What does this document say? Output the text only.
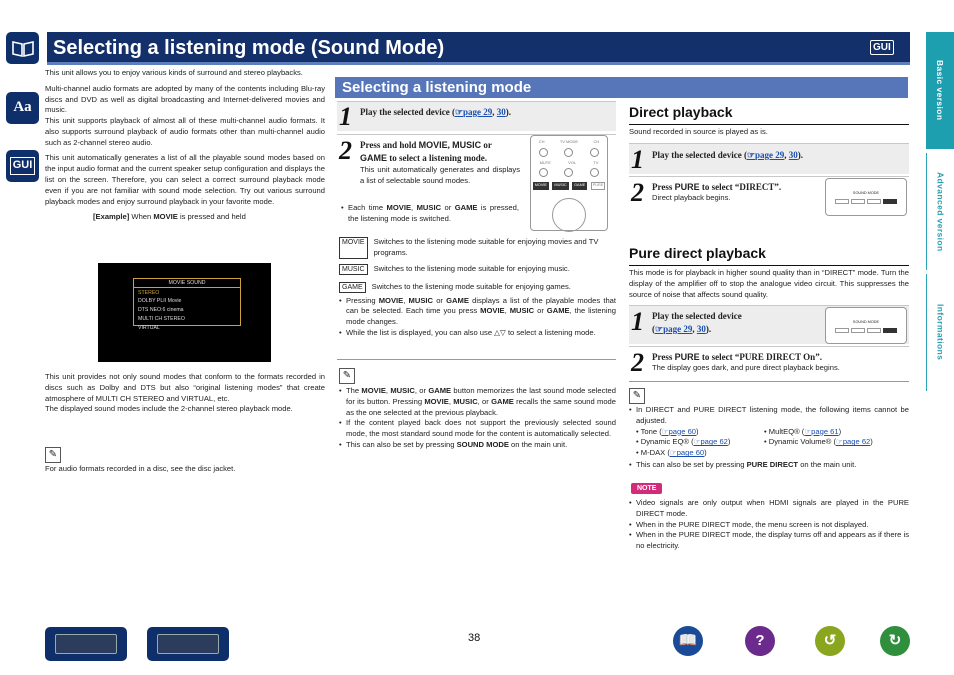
Aa
GUI
Basic version
Advanced version
Informations
Selecting a listening mode (Sound Mode)	GUI

This unit allows you to enjoy various kinds of surround and stereo playbacks.

Multi-channel audio formats are adopted by many of the contents including Blu-ray discs and DVD as well as digital broadcasting and Internet-delivered movies and music.

This unit supports playback of almost all of these multi-channel audio formats. It also supports surround playback of audio formats other than multi-channel audio such as 2-channel stereo audio.

This unit automatically generates a list of all the playable sound modes based on the input audio format and the current speaker setup configuration and displays the list on the screen. Therefore, you can select a correct surround playback mode even if you are not familiar with sound mode selection. Try out various surround playback modes and enjoy surround playback in your favorite mode.

[Example] When MOVIE is pressed and held
MOVIE SOUND
STEREO
DOLBY PLII Movie
DTS NEO:6 cinema
MULTI CH STEREO
VIRTUAL

This unit provides not only sound modes that conform to the formats recorded in discs such as Dolby and DTS but also “original listening modes” that create atmosphere of MULTI CH STEREO and VIRTUAL, etc.

The displayed sound modes include the 2-channel stereo playback mode.

✎
For audio formats recorded in a disc, see the disc jacket.
Selecting a listening mode
1 Play the selected device (☞page 29, 30).
2 Press and hold MOVIE, MUSIC or GAME to select a listening mode.

This unit automatically generates and displays a list of selectable sound modes.

CH	TV MODE	CH
MUTE	VOL	TV
MOVIE	MUSIC	GAME	PURE
• Each time MOVIE, MUSIC or GAME is pressed, the listening mode is switched.
MOVIE	Switches to the listening mode suitable for enjoying movies and TV programs.
MUSIC	Switches to the listening mode suitable for enjoying music.
GAME	Switches to the listening mode suitable for enjoying games.
• Pressing MOVIE, MUSIC or GAME displays a list of the playable modes that can be selected. Each time you press MOVIE, MUSIC or GAME, the listening mode changes.
• While the list is displayed, you can also use △▽ to select a listening mode.
✎
• The MOVIE, MUSIC, or GAME button memorizes the last sound mode selected for its button. Pressing MOVIE, MUSIC, or GAME recalls the same sound mode as the one selected at the previous playback.
• If the content played back does not support the previously selected sound mode, the most standard sound mode for the content is automatically selected.
• This can also be set by pressing SOUND MODE on the main unit.
Direct playback
Sound recorded in source is played as is.
1 Play the selected device (☞page 29, 30).
2 Press PURE to select “DIRECT”.
Direct playback begins.	SOUND MODE
Pure direct playback

This mode is for playback in higher sound quality than in “DIRECT” mode. Turn the display of the amplifier off to stop the analogue video circuit. This suppresses the source of noise that affects sound quality.

1 Play the selected device
(☞page 29, 30).
SOUND MODE
2 Press PURE to select “PURE DIRECT On”.
The display goes dark, and pure direct playback begins.
✎
• In DIRECT and PURE DIRECT listening mode, the following items cannot be adjusted.
• Tone (☞page 60)	• MultEQ® (☞page 61)
• Dynamic EQ® (☞page 62)	• Dynamic Volume® (☞page 62)
• M-DAX (☞page 60)
• This can also be set by pressing PURE DIRECT on the main unit.
NOTE
• Video signals are only output when HDMI signals are played in the PURE DIRECT mode.
• When in the PURE DIRECT mode, the menu screen is not displayed.
• When in the PURE DIRECT mode, the display turns off and appears as if there is no electricity.
38	📖	?	↺	↻
